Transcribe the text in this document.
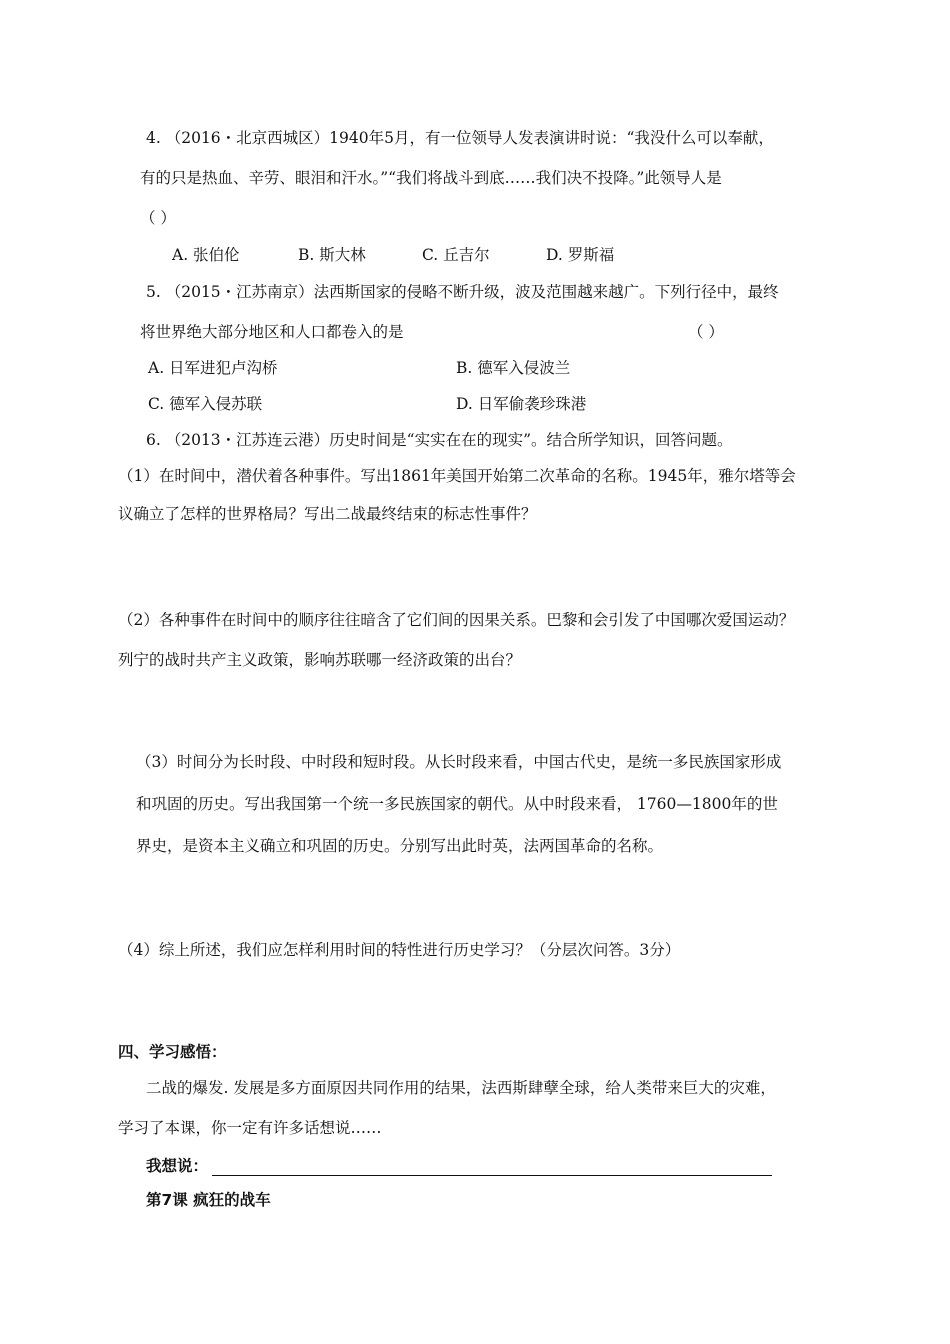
4. （2016・北京西城区）1940年5月，有一位领导人发表演讲时说：“我没什么可以奉献，
有的只是热血、辛劳、眼泪和汗水。”“我们将战斗到底……我们决不投降。”此领导人是
（ ）
A. 张伯伦	B. 斯大林	C. 丘吉尔	D. 罗斯福
5. （2015・江苏南京）法西斯国家的侵略不断升级，波及范围越来越广。下列行径中，最终
将世界绝大部分地区和人口都卷入的是	（ ）
A. 日军进犯卢沟桥	B. 德军入侵波兰
C. 德军入侵苏联	D. 日军偷袭珍珠港
6. （2013・江苏连云港）历史时间是“实实在在的现实”。结合所学知识，回答问题。
（1）在时间中，潜伏着各种事件。写出1861年美国开始第二次革命的名称。1945年，雅尔塔等会
议确立了怎样的世界格局？写出二战最终结束的标志性事件？
（2）各种事件在时间中的顺序往往暗含了它们间的因果关系。巴黎和会引发了中国哪次爱国运动？
列宁的战时共产主义政策，影响苏联哪一经济政策的出台？
（3）时间分为长时段、中时段和短时段。从长时段来看，中国古代史，是统一多民族国家形成
和巩固的历史。写出我国第一个统一多民族国家的朝代。从中时段来看， 1760—1800年的世
界史，是资本主义确立和巩固的历史。分别写出此时英，法两国革命的名称。
（4）综上所述，我们应怎样利用时间的特性进行历史学习？（分层次问答。3分）
四、学习感悟：
二战的爆发. 发展是多方面原因共同作用的结果，法西斯肆孽全球，给人类带来巨大的灾难，
学习了本课，你一定有许多话想说……
我想说：
第7课 疯狂的战车
